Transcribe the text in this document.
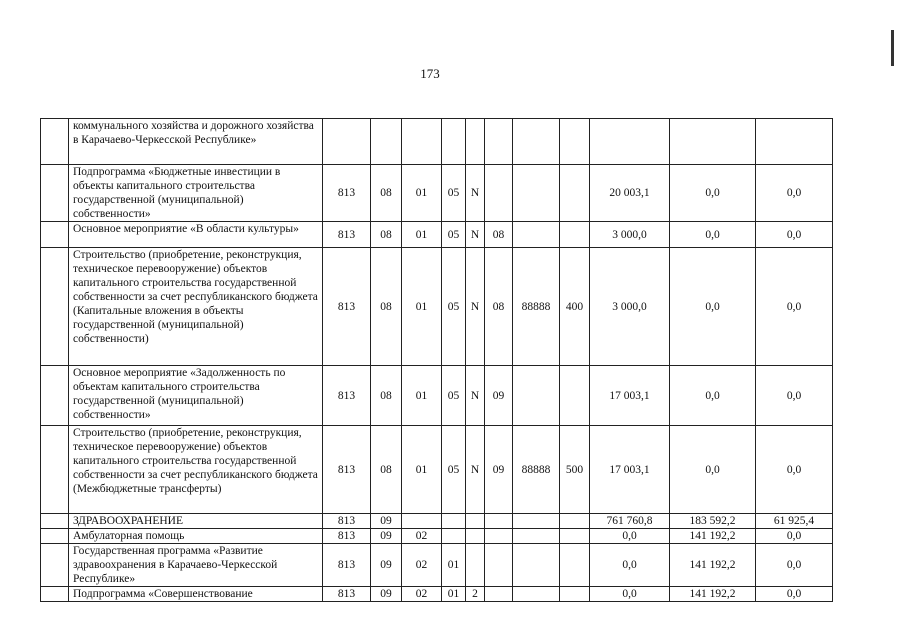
173
	коммунального хозяйства и дорожного хозяйства в Карачаево-Черкесской Республике»											
	Подпрограмма «Бюджетные инвестиции в объекты капитального строительства государственной (муниципальной) собственности»	813	08	01	05	N				20 003,1	0,0	0,0
	Основное мероприятие «В области культуры»	813	08	01	05	N	08			3 000,0	0,0	0,0
	Строительство (приобретение, реконструкция, техническое перевооружение) объектов капитального строительства государственной собственности за счет республиканского бюджета (Капитальные вложения в объекты государственной (муниципальной) собственности)	813	08	01	05	N	08	88888	400	3 000,0	0,0	0,0
	Основное мероприятие «Задолженность по объектам капитального строительства государственной (муниципальной) собственности»	813	08	01	05	N	09			17 003,1	0,0	0,0
	Строительство (приобретение, реконструкция, техническое перевооружение) объектов капитального строительства государственной собственности за счет республиканского бюджета (Межбюджетные трансферты)	813	08	01	05	N	09	88888	500	17 003,1	0,0	0,0
	ЗДРАВООХРАНЕНИЕ	813	09							761 760,8	183 592,2	61 925,4
	Амбулаторная помощь	813	09	02						0,0	141 192,2	0,0
	Государственная программа «Развитие здравоохранения в Карачаево-Черкесской Республике»	813	09	02	01					0,0	141 192,2	0,0
	Подпрограмма «Совершенствование	813	09	02	01	2				0,0	141 192,2	0,0
